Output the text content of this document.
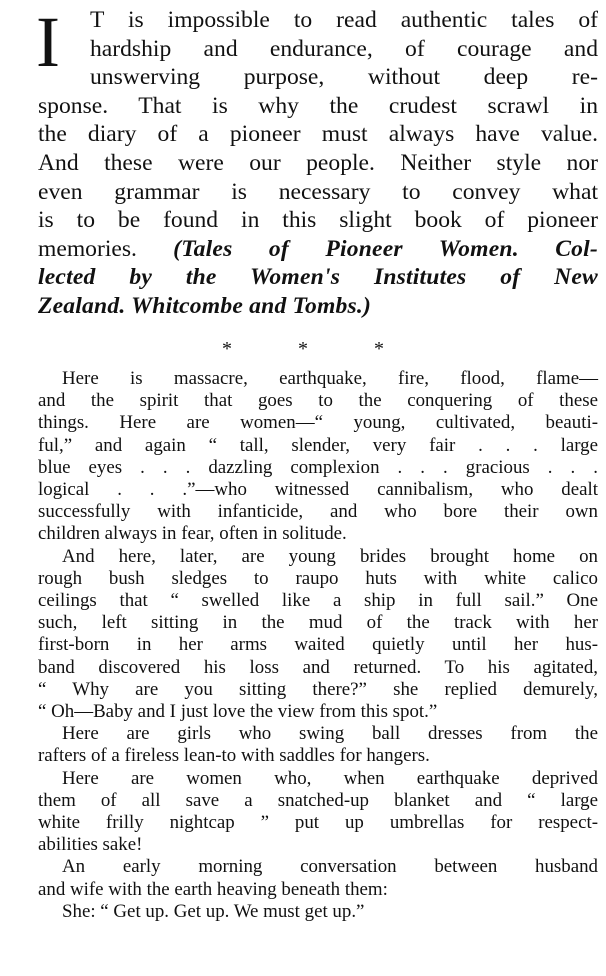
I	T is impossible to read authentic tales of
hardship and endurance, of courage and
unswerving purpose, without deep re-
sponse. That is why the crudest scrawl in
the diary of a pioneer must always have value.
And these were our people. Neither style nor
even grammar is necessary to convey what
is to be found in this slight book of pioneer
memories. (Tales of Pioneer Women. Col-
lected by the Women's Institutes of New
Zealand. Whitcombe and Tombs.)
*	*	*

Here is massacre, earthquake, fire, flood, flame—
and the spirit that goes to the conquering of these
things. Here are women—“ young, cultivated, beauti-
ful,” and again “ tall, slender, very fair . . . large
blue eyes . . . dazzling complexion . . . gracious . . .
logical . . .”—who witnessed cannibalism, who dealt
successfully with infanticide, and who bore their own
children always in fear, often in solitude.

And here, later, are young brides brought home on
rough bush sledges to raupo huts with white calico
ceilings that “ swelled like a ship in full sail.” One
such, left sitting in the mud of the track with her
first-born in her arms waited quietly until her hus-
band discovered his loss and returned. To his agitated,
“ Why are you sitting there?” she replied demurely,
“ Oh—Baby and I just love the view from this spot.”

Here are girls who swing ball dresses from the
rafters of a fireless lean-to with saddles for hangers.

Here are women who, when earthquake deprived
them of all save a snatched-up blanket and “ large
white frilly nightcap ” put up umbrellas for respect-
abilities sake!

An early morning conversation between husband
and wife with the earth heaving beneath them:

She: “ Get up. Get up. We must get up.”
